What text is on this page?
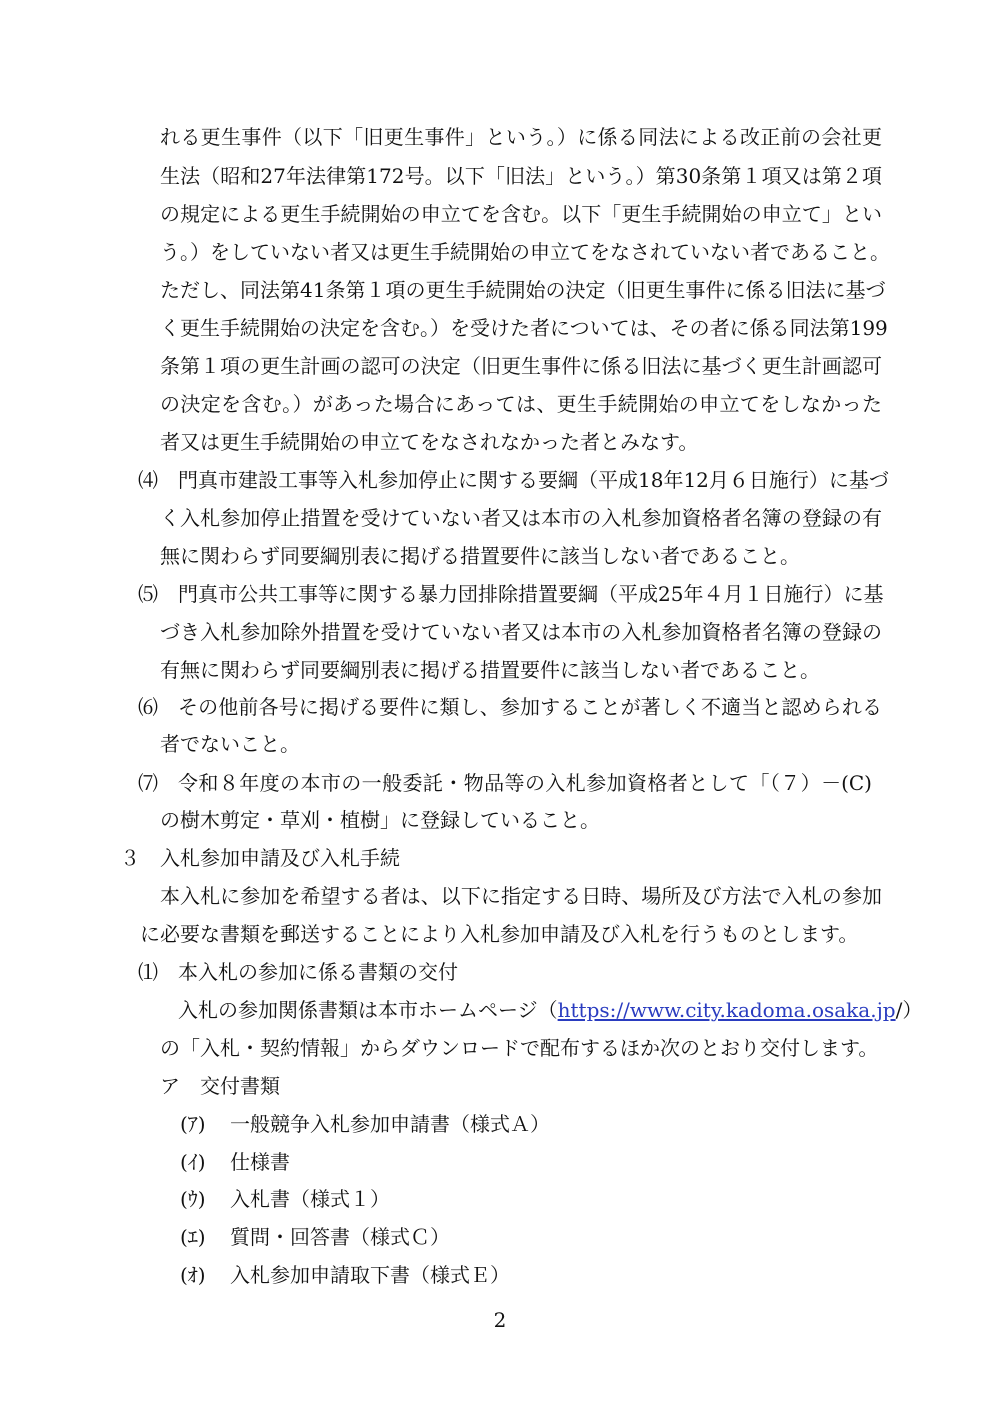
れる更生事件（以下「旧更生事件」という。）に係る同法による改正前の会社更
生法（昭和27年法律第172号。以下「旧法」という。）第30条第１項又は第２項
の規定による更生手続開始の申立てを含む。以下「更生手続開始の申立て」とい
う。）をしていない者又は更生手続開始の申立てをなされていない者であること。
ただし、同法第41条第１項の更生手続開始の決定（旧更生事件に係る旧法に基づ
く更生手続開始の決定を含む。）を受けた者については、その者に係る同法第199
条第１項の更生計画の認可の決定（旧更生事件に係る旧法に基づく更生計画認可
の決定を含む。）があった場合にあっては、更生手続開始の申立てをしなかった
者又は更生手続開始の申立てをなされなかった者とみなす。
⑷ 門真市建設工事等入札参加停止に関する要綱（平成18年12月６日施行）に基づ
く入札参加停止措置を受けていない者又は本市の入札参加資格者名簿の登録の有
無に関わらず同要綱別表に掲げる措置要件に該当しない者であること。
⑸ 門真市公共工事等に関する暴力団排除措置要綱（平成25年４月１日施行）に基
づき入札参加除外措置を受けていない者又は本市の入札参加資格者名簿の登録の
有無に関わらず同要綱別表に掲げる措置要件に該当しない者であること。
⑹ その他前各号に掲げる要件に類し、参加することが著しく不適当と認められる
者でないこと。
⑺ 令和８年度の本市の一般委託・物品等の入札参加資格者として「（７）－(C)
の樹木剪定・草刈・植樹」に登録していること。
３ 入札参加申請及び入札手続
本入札に参加を希望する者は、以下に指定する日時、場所及び方法で入札の参加
に必要な書類を郵送することにより入札参加申請及び入札を行うものとします。
⑴ 本入札の参加に係る書類の交付
入札の参加関係書類は本市ホームページ（https://www.city.kadoma.osaka.jp/）
の「入札・契約情報」からダウンロードで配布するほか次のとおり交付します。
ア 交付書類
(ｱ) 一般競争入札参加申請書（様式Ａ）
(ｲ) 仕様書
(ｳ) 入札書（様式１）
(ｴ) 質問・回答書（様式Ｃ）
(ｵ) 入札参加申請取下書（様式Ｅ）
2
